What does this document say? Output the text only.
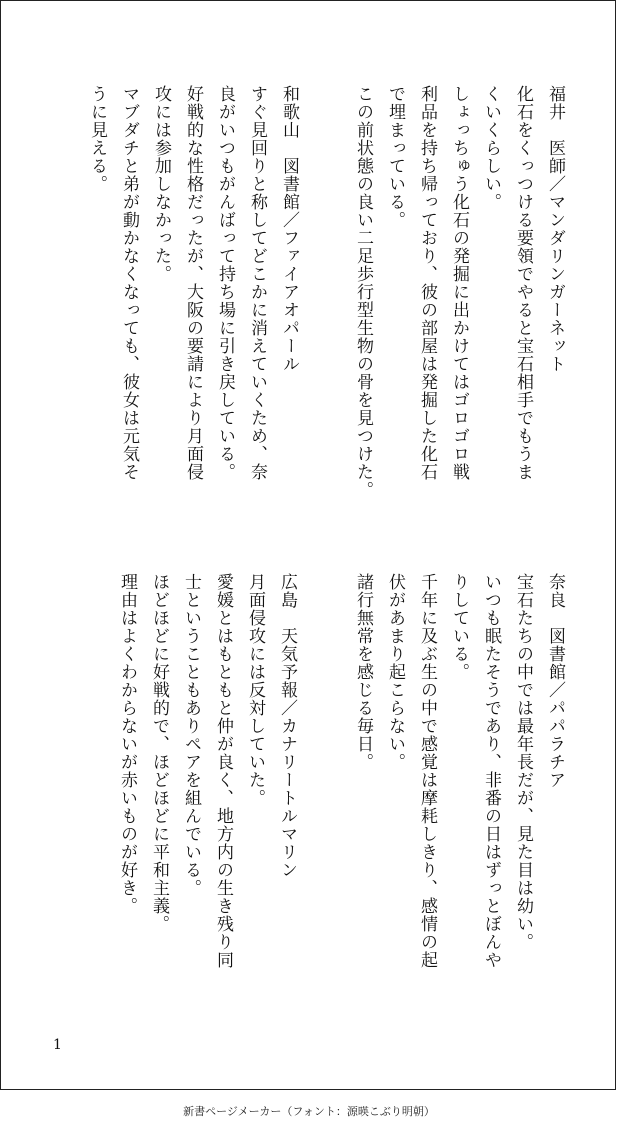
福井　医師／マンダリンガーネット
化石をくっつける要領でやると宝石相手でもうま
くいくらしい。
しょっちゅう化石の発掘に出かけてはゴロゴロ戦
利品を持ち帰っており、彼の部屋は発掘した化石
で埋まっている。
この前状態の良い二足歩行型生物の骨を見つけた。
奈良　図書館／パパラチア
宝石たちの中では最年長だが、見た目は幼い。
いつも眠たそうであり、非番の日はずっとぼんや
りしている。
千年に及ぶ生の中で感覚は摩耗しきり、感情の起
伏があまり起こらない。
諸行無常を感じる毎日。
和歌山　図書館／ファイアオパール
すぐ見回りと称してどこかに消えていくため、奈
良がいつもがんばって持ち場に引き戻している。
好戦的な性格だったが、大阪の要請により月面侵
攻には参加しなかった。
マブダチと弟が動かなくなっても、彼女は元気そ
うに見える。
広島　天気予報／カナリートルマリン
月面侵攻には反対していた。
愛媛とはもともと仲が良く、地方内の生き残り同
士ということもありペアを組んでいる。
ほどほどに好戦的で、ほどほどに平和主義。
理由はよくわからないが赤いものが好き。
1
新書ページメーカー（フォント：源暎こぶり明朝）
